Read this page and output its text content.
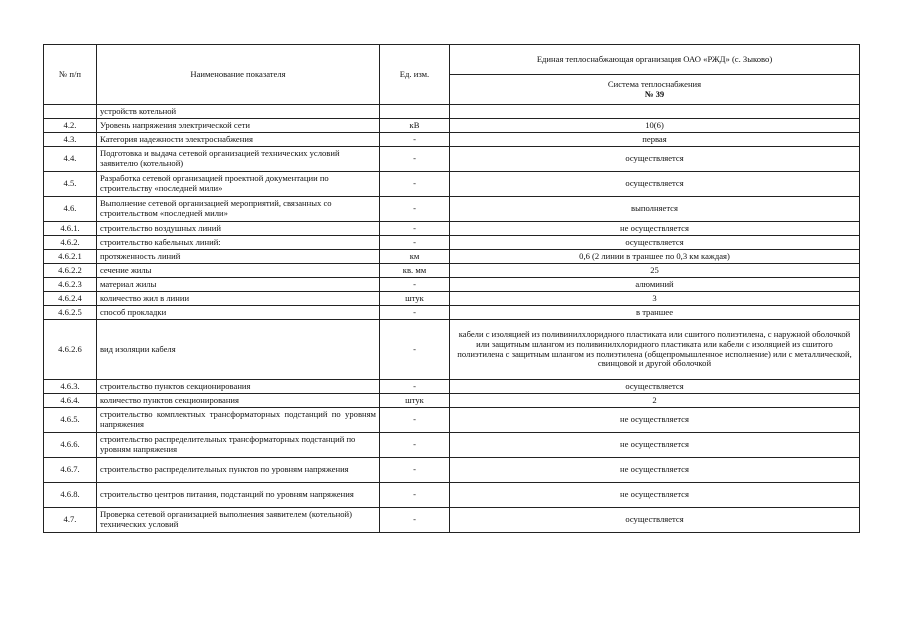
№ п/п	Наименование показателя	Ед. изм.	Единая теплоснабжающая организация ОАО «РЖД» (с. Зыково)

			Система теплоснабжения
№ 39

	устройств котельной		
4.2.	Уровень напряжения электрической сети	кВ	10(6)
4.3.	Категория надежности электроснабжения	-	первая
4.4.	Подготовка и выдача сетевой организацией технических условий заявителю (котельной)	-	осуществляется
4.5.	Разработка сетевой организацией проектной документации по строительству «последней мили»	-	осуществляется
4.6.	Выполнение сетевой организацией мероприятий, связанных со строительством «последней мили»	-	выполняется
4.6.1.	строительство воздушных линий	-	не осуществляется
4.6.2.	строительство кабельных линий:	-	осуществляется
4.6.2.1	протяженность линий	км	0,6 (2 линии в траншее по 0,3 км каждая)
4.6.2.2	сечение жилы	кв. мм	25
4.6.2.3	материал жилы	-	алюминий
4.6.2.4	количество жил в линии	штук	3
4.6.2.5	способ прокладки	-	в траншее
4.6.2.6	вид изоляции кабеля	-	кабели с изоляцией из поливинилхлоридного пластиката или сшитого полиэтилена, с наружной оболочкой или защитным шлангом из поливинилхлоридного пластиката или кабели с изоляцией из сшитого полиэтилена с защитным шлангом из полиэтилена (общепромышленное исполнение) или с металлической, свинцовой и другой оболочкой
4.6.3.	строительство пунктов секционирования	-	осуществляется
4.6.4.	количество пунктов секционирования	штук	2
4.6.5.	строительство комплектных трансформаторных подстанций по уровням напряжения	-	не осуществляется
4.6.6.	строительство распределительных трансформаторных подстанций по уровням напряжения	-	не осуществляется
4.6.7.	строительство распределительных пунктов по уровням напряжения	-	не осуществляется
4.6.8.	строительство центров питания, подстанций по уровням напряжения	-	не осуществляется
4.7.	Проверка сетевой организацией выполнения заявителем (котельной) технических условий	-	осуществляется
